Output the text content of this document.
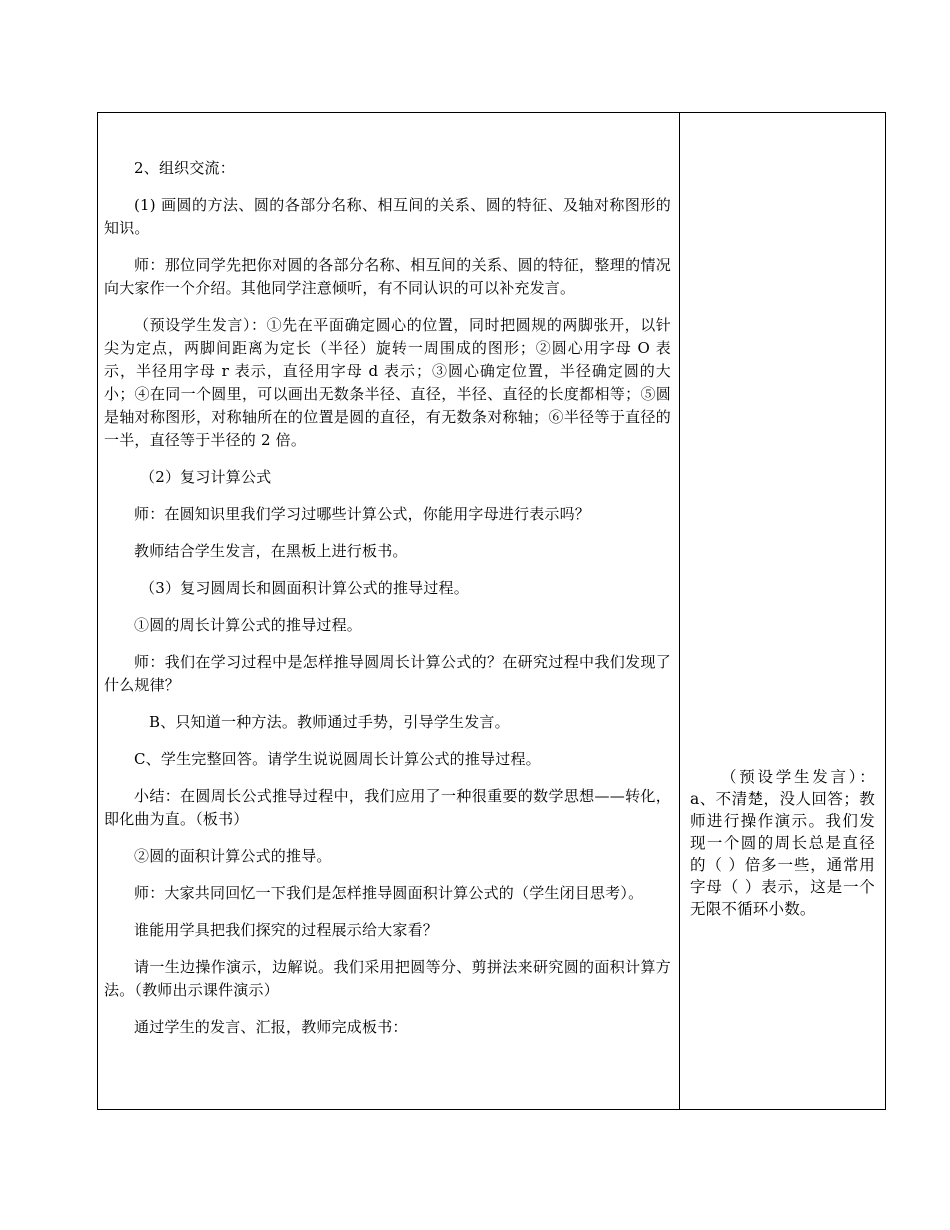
2、组织交流：

(1) 画圆的方法、圆的各部分名称、相互间的关系、圆的特征、及轴对称图形的知识。

师：那位同学先把你对圆的各部分名称、相互间的关系、圆的特征，整理的情况向大家作一个介绍。其他同学注意倾听，有不同认识的可以补充发言。

（预设学生发言）：①先在平面确定圆心的位置，同时把圆规的两脚张开，以针尖为定点，两脚间距离为定长（半径）旋转一周围成的图形；②圆心用字母 O 表示，半径用字母 r 表示，直径用字母 d 表示；③圆心确定位置，半径确定圆的大小；④在同一个圆里，可以画出无数条半径、直径，半径、直径的长度都相等；⑤圆是轴对称图形，对称轴所在的位置是圆的直径，有无数条对称轴；⑥半径等于直径的一半，直径等于半径的 2 倍。

（2）复习计算公式

师：在圆知识里我们学习过哪些计算公式，你能用字母进行表示吗？

教师结合学生发言，在黑板上进行板书。

（3）复习圆周长和圆面积计算公式的推导过程。

①圆的周长计算公式的推导过程。

师：我们在学习过程中是怎样推导圆周长计算公式的？在研究过程中我们发现了什么规律？

B、只知道一种方法。教师通过手势，引导学生发言。

C、学生完整回答。请学生说说圆周长计算公式的推导过程。

小结：在圆周长公式推导过程中，我们应用了一种很重要的数学思想——转化，即化曲为直。（板书）

②圆的面积计算公式的推导。

师：大家共同回忆一下我们是怎样推导圆面积计算公式的（学生闭目思考）。

谁能用学具把我们探究的过程展示给大家看？

请一生边操作演示，边解说。我们采用把圆等分、剪拼法来研究圆的面积计算方法。（教师出示课件演示）

通过学生的发言、汇报，教师完成板书：

（预设学生发言）：a、不清楚，没人回答；教师进行操作演示。我们发现一个圆的周长总是直径的（ ）倍多一些，通常用字母（ ）表示，这是一个无限不循环小数。
